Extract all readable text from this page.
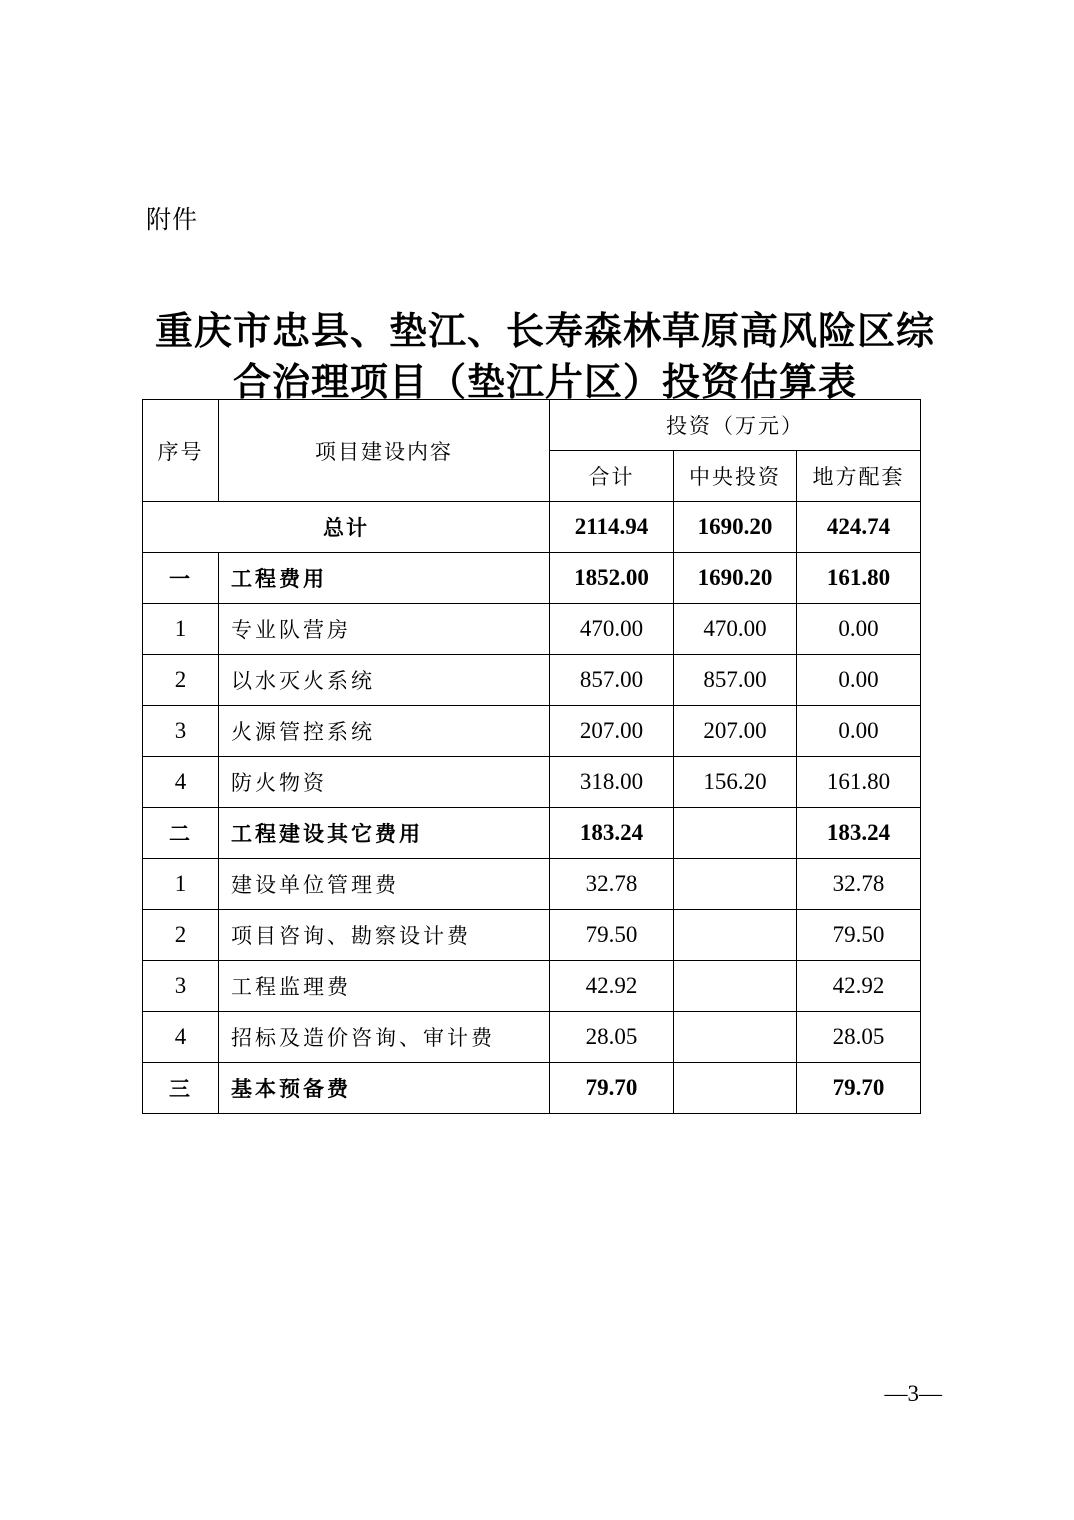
附件
重庆市忠县、垫江、长寿森林草原高风险区综
合治理项目（垫江片区）投资估算表
序号	项目建设内容	投资（万元）		
		合计	中央投资	地方配套
总计		2114.94	1690.20	424.74
一	工程费用	1852.00	1690.20	161.80
1	专业队营房	470.00	470.00	0.00
2	以水灭火系统	857.00	857.00	0.00
3	火源管控系统	207.00	207.00	0.00
4	防火物资	318.00	156.20	161.80
二	工程建设其它费用	183.24		183.24
1	建设单位管理费	32.78		32.78
2	项目咨询、勘察设计费	79.50		79.50
3	工程监理费	42.92		42.92
4	招标及造价咨询、审计费	28.05		28.05
三	基本预备费	79.70		79.70
—3—
